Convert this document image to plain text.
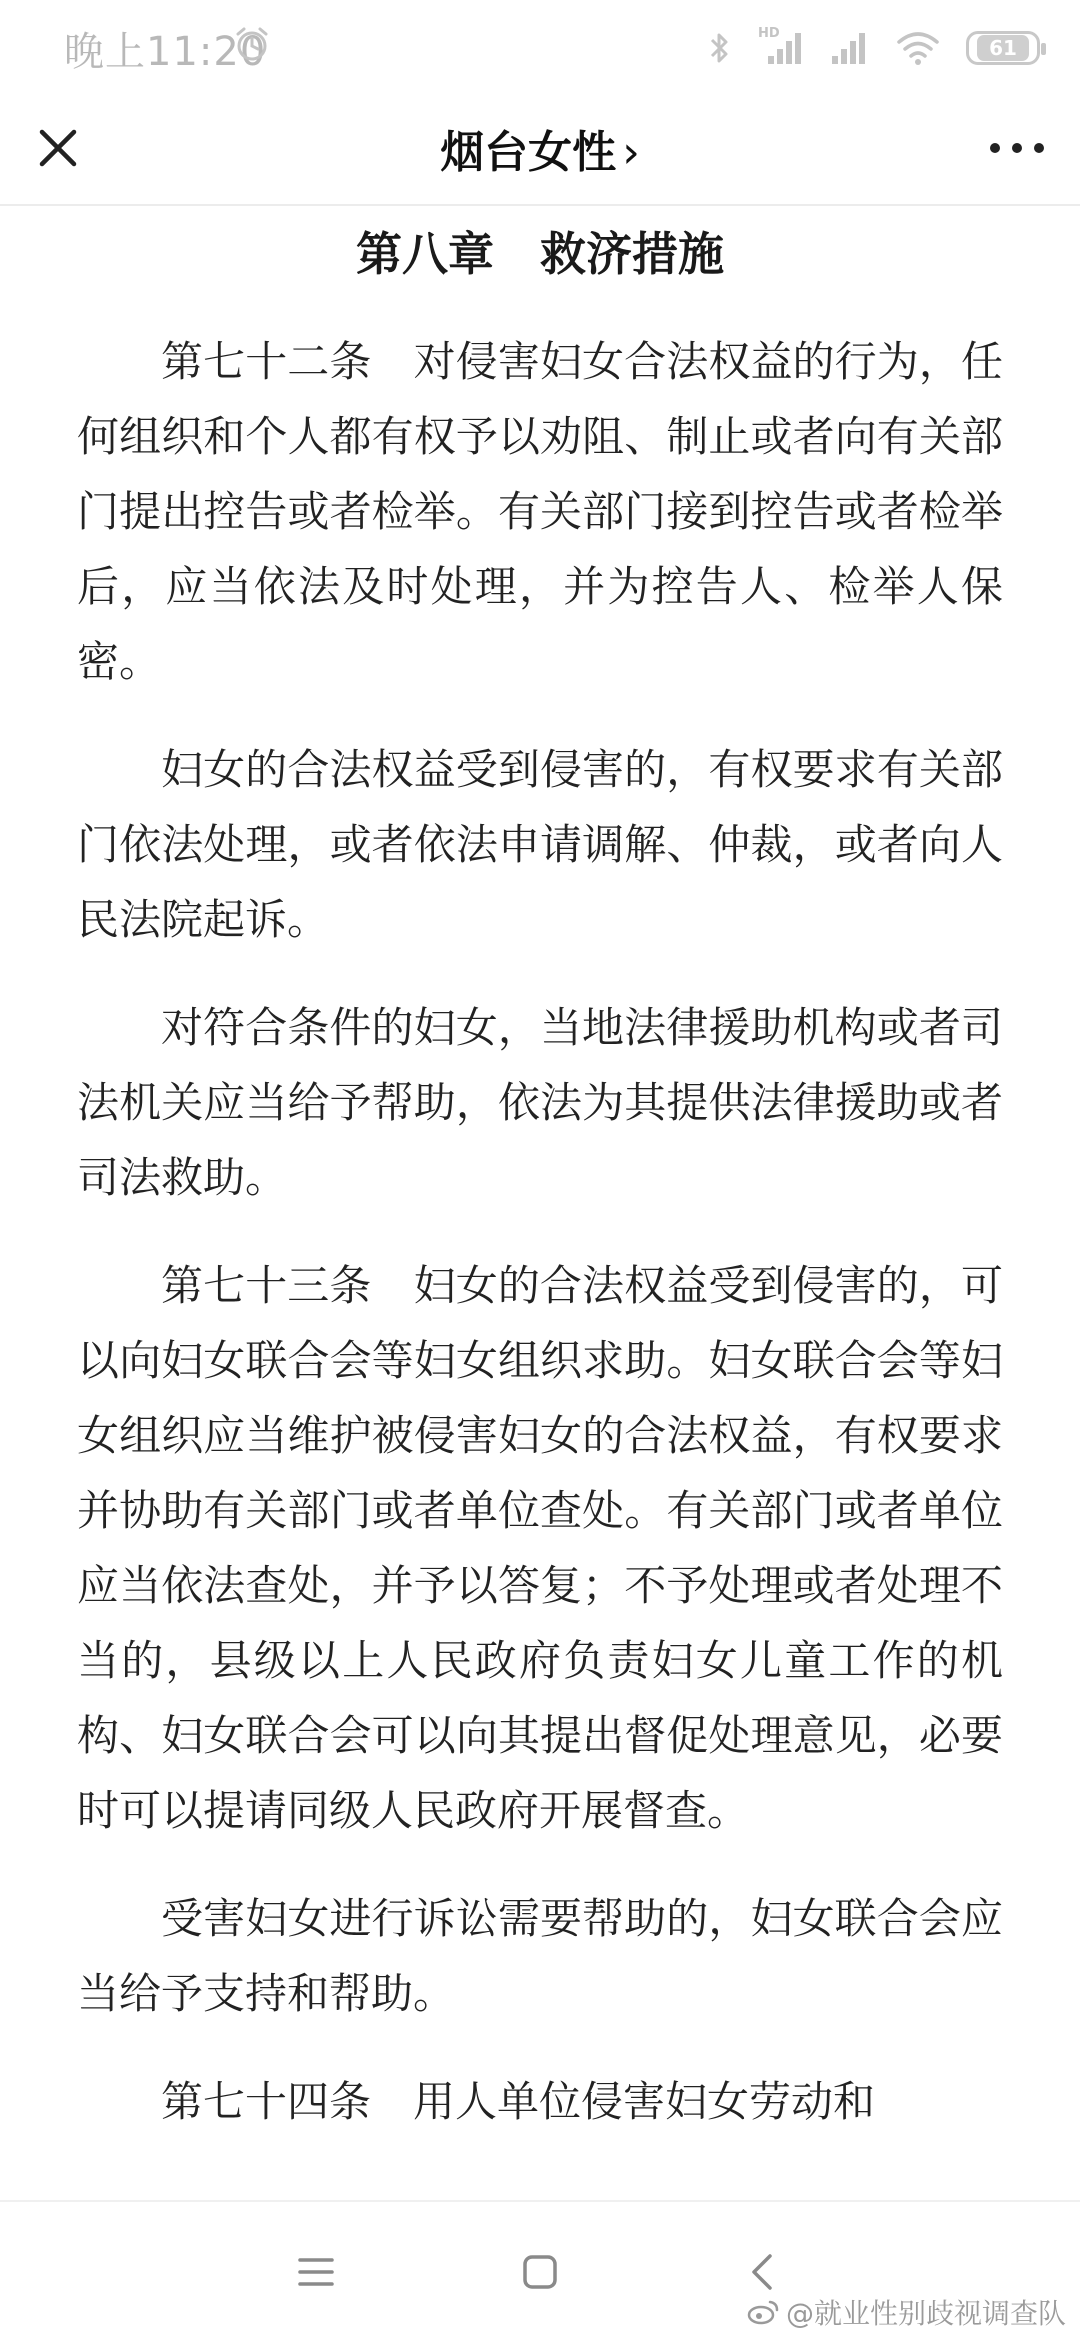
晚上11:20	HD
61
烟台女性 ›
第八章　救济措施

第七十二条　对侵害妇女合法权益的行为，任何组织和个人都有权予以劝阻、制止或者向有关部门提出控告或者检举。有关部门接到控告或者检举后，应当依法及时处理，并为控告人、检举人保密。

妇女的合法权益受到侵害的，有权要求有关部门依法处理，或者依法申请调解、仲裁，或者向人民法院起诉。

对符合条件的妇女，当地法律援助机构或者司法机关应当给予帮助，依法为其提供法律援助或者司法救助。

第七十三条　妇女的合法权益受到侵害的，可以向妇女联合会等妇女组织求助。妇女联合会等妇女组织应当维护被侵害妇女的合法权益，有权要求并协助有关部门或者单位查处。有关部门或者单位应当依法查处，并予以答复；不予处理或者处理不当的，县级以上人民政府负责妇女儿童工作的机构、妇女联合会可以向其提出督促处理意见，必要时可以提请同级人民政府开展督查。

受害妇女进行诉讼需要帮助的，妇女联合会应当给予支持和帮助。

第七十四条　用人单位侵害妇女劳动和

@就业性别歧视调查队
